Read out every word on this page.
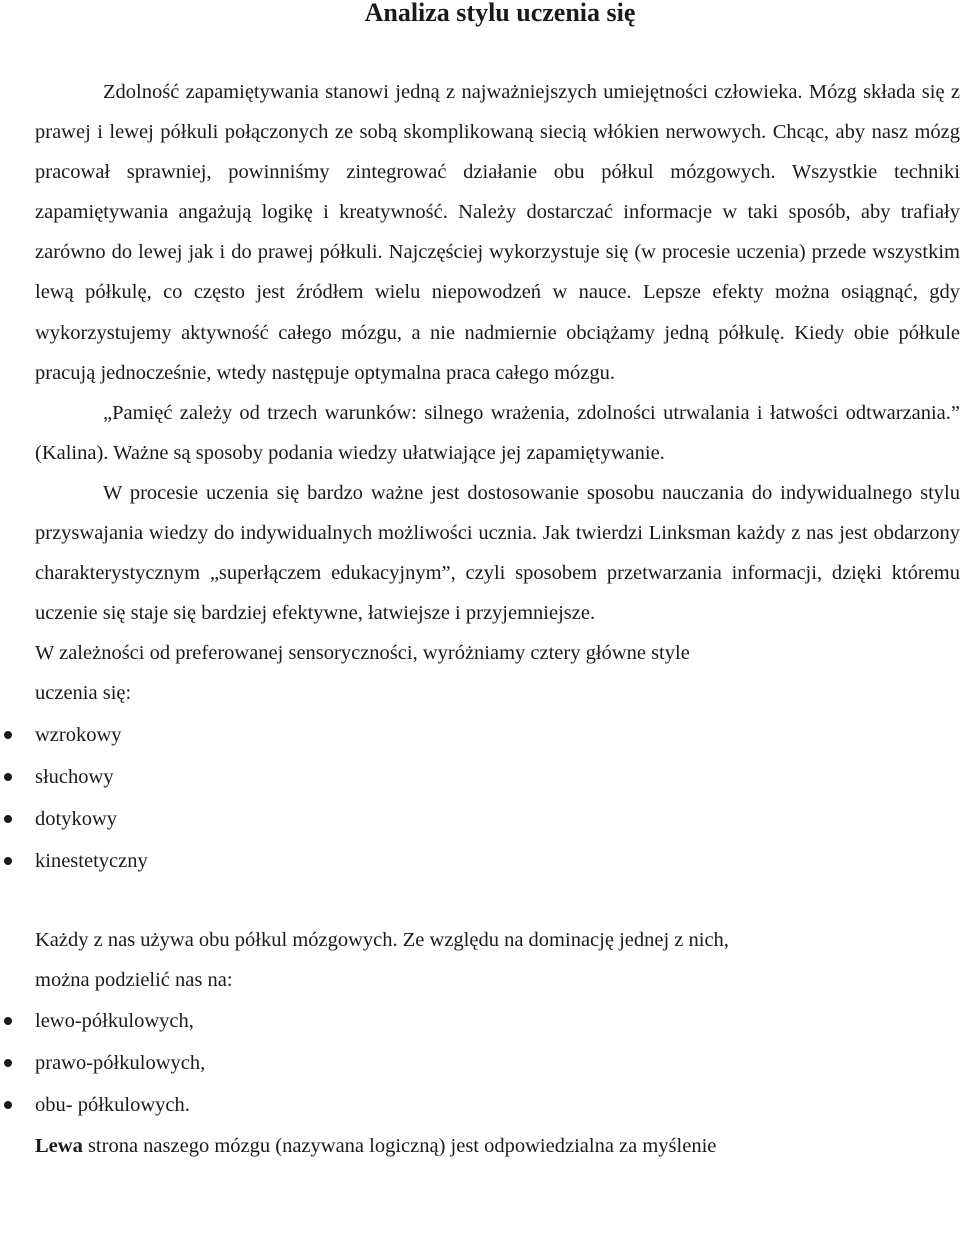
Analiza stylu uczenia się

Zdolność zapamiętywania stanowi jedną z najważniejszych umiejętności człowieka. Mózg składa się z prawej i lewej półkuli połączonych ze sobą skomplikowaną siecią włókien nerwowych. Chcąc, aby nasz mózg pracował sprawniej, powinniśmy zintegrować działanie obu półkul mózgowych. Wszystkie techniki zapamiętywania angażują logikę i kreatywność. Należy dostarczać informacje w taki sposób, aby trafiały zarówno do lewej jak i do prawej półkuli. Najczęściej wykorzystuje się (w procesie uczenia) przede wszystkim lewą półkulę, co często jest źródłem wielu niepowodzeń w nauce. Lepsze efekty można osiągnąć, gdy wykorzystujemy aktywność całego mózgu, a nie nadmiernie obciążamy jedną półkulę. Kiedy obie półkule pracują jednocześnie, wtedy następuje optymalna praca całego mózgu.

„Pamięć zależy od trzech warunków: silnego wrażenia, zdolności utrwalania i łatwości odtwarzania.” (Kalina). Ważne są sposoby podania wiedzy ułatwiające jej zapamiętywanie.

W procesie uczenia się bardzo ważne jest dostosowanie sposobu nauczania do indywidualnego stylu przyswajania wiedzy do indywidualnych możliwości ucznia. Jak twierdzi Linksman każdy z nas jest obdarzony charakterystycznym „superłączem edukacyjnym”, czyli sposobem przetwarzania informacji, dzięki któremu uczenie się staje się bardziej efektywne, łatwiejsze i przyjemniejsze.

W zależności od preferowanej sensoryczności, wyróżniamy cztery główne style
uczenia się:

wzrokowy
słuchowy
dotykowy
kinestetyczny

Każdy z nas używa obu półkul mózgowych. Ze względu na dominację jednej z nich,
można podzielić nas na:

lewo-półkulowych,
prawo-półkulowych,
obu- półkulowych.

Lewa strona naszego mózgu (nazywana logiczną) jest odpowiedzialna za myślenie
